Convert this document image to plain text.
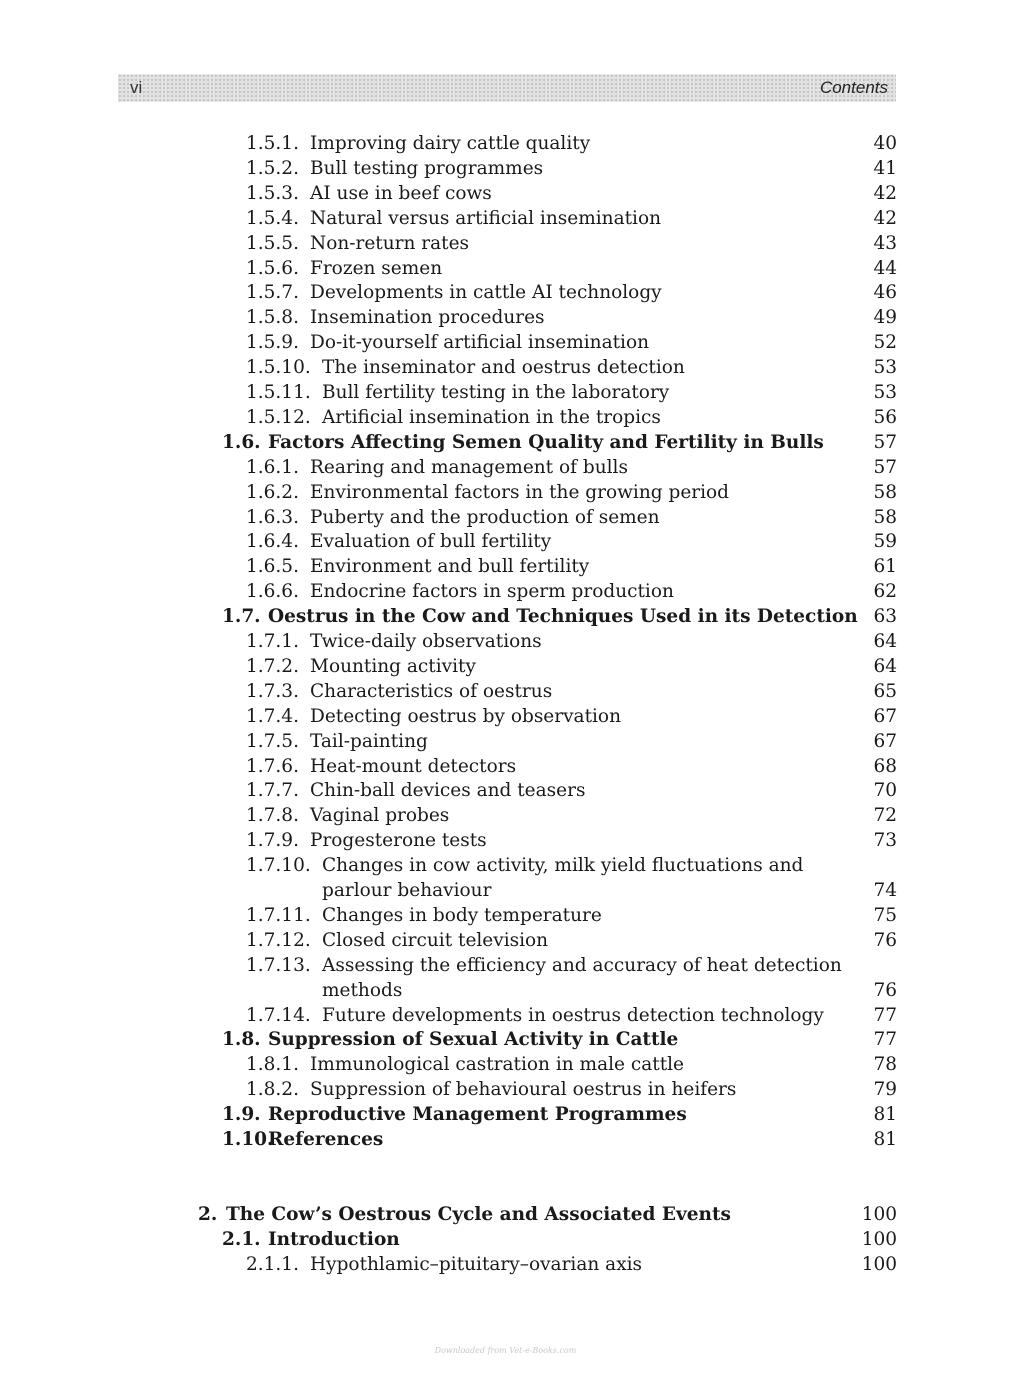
vi	Contents
1.5.1. Improving dairy cattle quality	40
1.5.2. Bull testing programmes	41
1.5.3. AI use in beef cows	42
1.5.4. Natural versus artificial insemination	42
1.5.5. Non-return rates	43
1.5.6. Frozen semen	44
1.5.7. Developments in cattle AI technology	46
1.5.8. Insemination procedures	49
1.5.9. Do-it-yourself artificial insemination	52
1.5.10. The inseminator and oestrus detection	53
1.5.11. Bull fertility testing in the laboratory	53
1.5.12. Artificial insemination in the tropics	56
1.6. Factors Affecting Semen Quality and Fertility in Bulls	57
1.6.1. Rearing and management of bulls	57
1.6.2. Environmental factors in the growing period	58
1.6.3. Puberty and the production of semen	58
1.6.4. Evaluation of bull fertility	59
1.6.5. Environment and bull fertility	61
1.6.6. Endocrine factors in sperm production	62
1.7. Oestrus in the Cow and Techniques Used in its Detection 63
1.7.1. Twice-daily observations	64
1.7.2. Mounting activity	64
1.7.3. Characteristics of oestrus	65
1.7.4. Detecting oestrus by observation	67
1.7.5. Tail-painting	67
1.7.6. Heat-mount detectors	68
1.7.7. Chin-ball devices and teasers	70
1.7.8. Vaginal probes	72
1.7.9. Progesterone tests	73
1.7.10. Changes in cow activity, milk yield fluctuations and
parlour behaviour	74
1.7.11. Changes in body temperature	75
1.7.12. Closed circuit television	76
1.7.13. Assessing the efficiency and accuracy of heat detection
methods	76
1.7.14. Future developments in oestrus detection technology	77
1.8. Suppression of Sexual Activity in Cattle	77
1.8.1. Immunological castration in male cattle	78
1.8.2. Suppression of behavioural oestrus in heifers	79
1.9. Reproductive Management Programmes	81
1.10.
References	81
2. The Cow’s Oestrous Cycle and Associated Events	100
2.1. Introduction	100
2.1.1. Hypothlamic–pituitary–ovarian axis	100
Downloaded from Vet-e-Books.com
